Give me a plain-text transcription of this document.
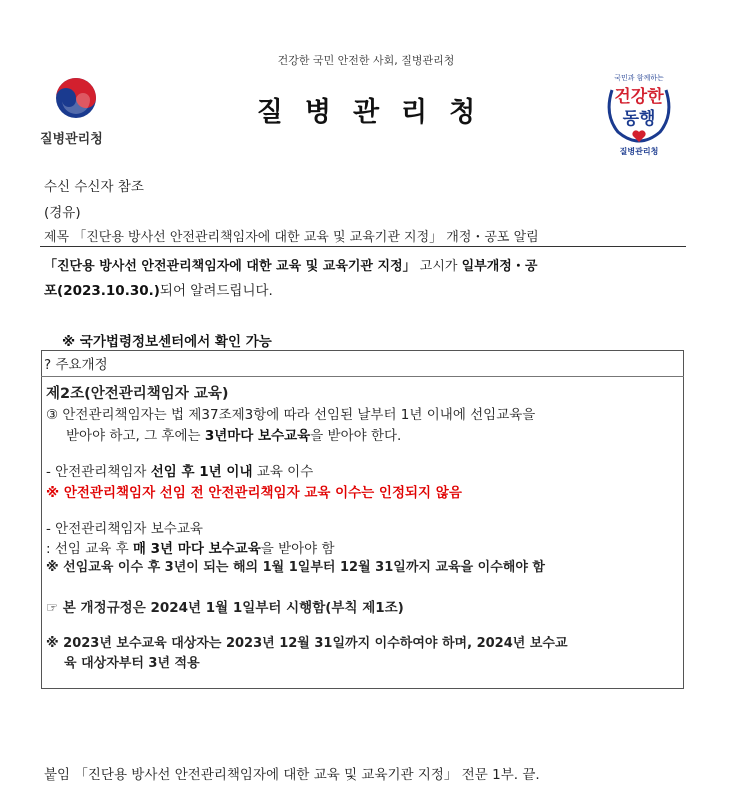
건강한 국민 안전한 사회, 질병관리청
질병관리청
질병관리청
국민과 함께하는
건강한
동행
질병관리청
수신 수신자 참조
(경유)
제목 「진단용 방사선 안전관리책임자에 대한 교육 및 교육기관 지정」 개정・공포 알림
「진단용 방사선 안전관리책임자에 대한 교육 및 교육기관 지정」 고시가 일부개정・공
포(2023.10.30.)되어 알려드립니다.
※ 국가법령정보센터에서 확인 가능
? 주요개정
제2조(안전관리책임자 교육)
③ 안전관리책임자는 법 제37조제3항에 따라 선임된 날부터 1년 이내에 선임교육을
받아야 하고, 그 후에는 3년마다 보수교육을 받아야 한다.
- 안전관리책임자 선임 후 1년 이내 교육 이수
※ 안전관리책임자 선임 전 안전관리책임자 교육 이수는 인정되지 않음
- 안전관리책임자 보수교육
: 선임 교육 후 매 3년 마다 보수교육을 받아야 함
※ 선임교육 이수 후 3년이 되는 해의 1월 1일부터 12월 31일까지 교육을 이수해야 함
☞ 본 개정규정은 2024년 1월 1일부터 시행함(부칙 제1조)
※ 2023년 보수교육 대상자는 2023년 12월 31일까지 이수하여야 하며, 2024년 보수교
육 대상자부터 3년 적용
붙임 「진단용 방사선 안전관리책임자에 대한 교육 및 교육기관 지정」 전문 1부. 끝.
